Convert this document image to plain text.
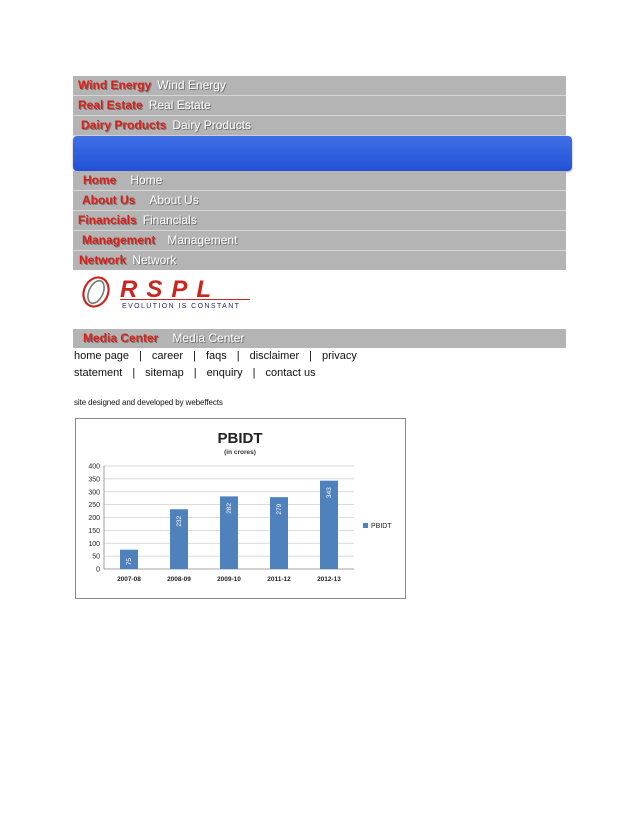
Wind Energy Wind Energy
Real Estate Real Estate
Dairy Products Dairy Products
Home Home
About Us About Us
Financials Financials
Management Management
Network Network
RSPL
EVOLUTION IS CONSTANT
Media Center Media Center
home page | career | faqs | disclaimer | privacy statement | sitemap | enquiry | contact us
site designed and developed by webeffects
PBIDT
(in crores)
0
50
100
150
200
250
300
350
400
75
2007-08
232
2008-09
282
2009-10
279
2011-12
343
2012-13
PBIDT
